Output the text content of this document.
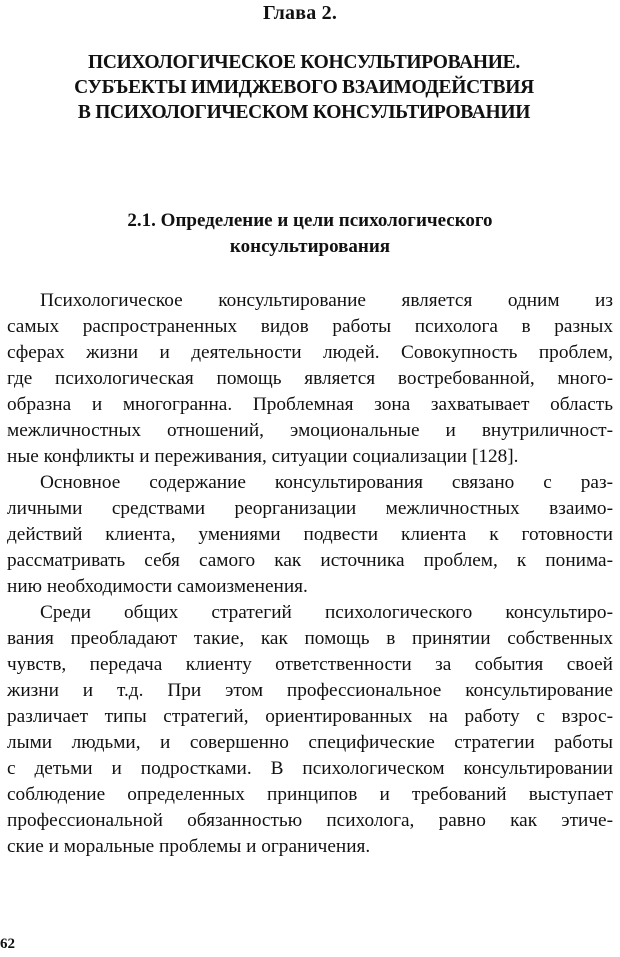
Глава 2.
ПСИХОЛОГИЧЕСКОЕ КОНСУЛЬТИРОВАНИЕ.
СУБЪЕКТЫ ИМИДЖЕВОГО ВЗАИМОДЕЙСТВИЯ
В ПСИХОЛОГИЧЕСКОМ КОНСУЛЬТИРОВАНИИ
2.1. Определение и цели психологического
консультирования
Психологическое консультирование является одним из
самых распространенных видов работы психолога в разных
сферах жизни и деятельности людей. Совокупность проблем,
где психологическая помощь является востребованной, много-
образна и многогранна. Проблемная зона захватывает область
межличностных отношений, эмоциональные и внутриличност-
ные конфликты и переживания, ситуации социализации [128].
Основное содержание консультирования связано с раз-
личными средствами реорганизации межличностных взаимо-
действий клиента, умениями подвести клиента к готовности
рассматривать себя самого как источника проблем, к понима-
нию необходимости самоизменения.
Среди общих стратегий психологического консультиро-
вания преобладают такие, как помощь в принятии собственных
чувств, передача клиенту ответственности за события своей
жизни и т.д. При этом профессиональное консультирование
различает типы стратегий, ориентированных на работу с взрос-
лыми людьми, и совершенно специфические стратегии работы
с детьми и подростками. В психологическом консультировании
соблюдение определенных принципов и требований выступает
профессиональной обязанностью психолога, равно как этиче-
ские и моральные проблемы и ограничения.
62
